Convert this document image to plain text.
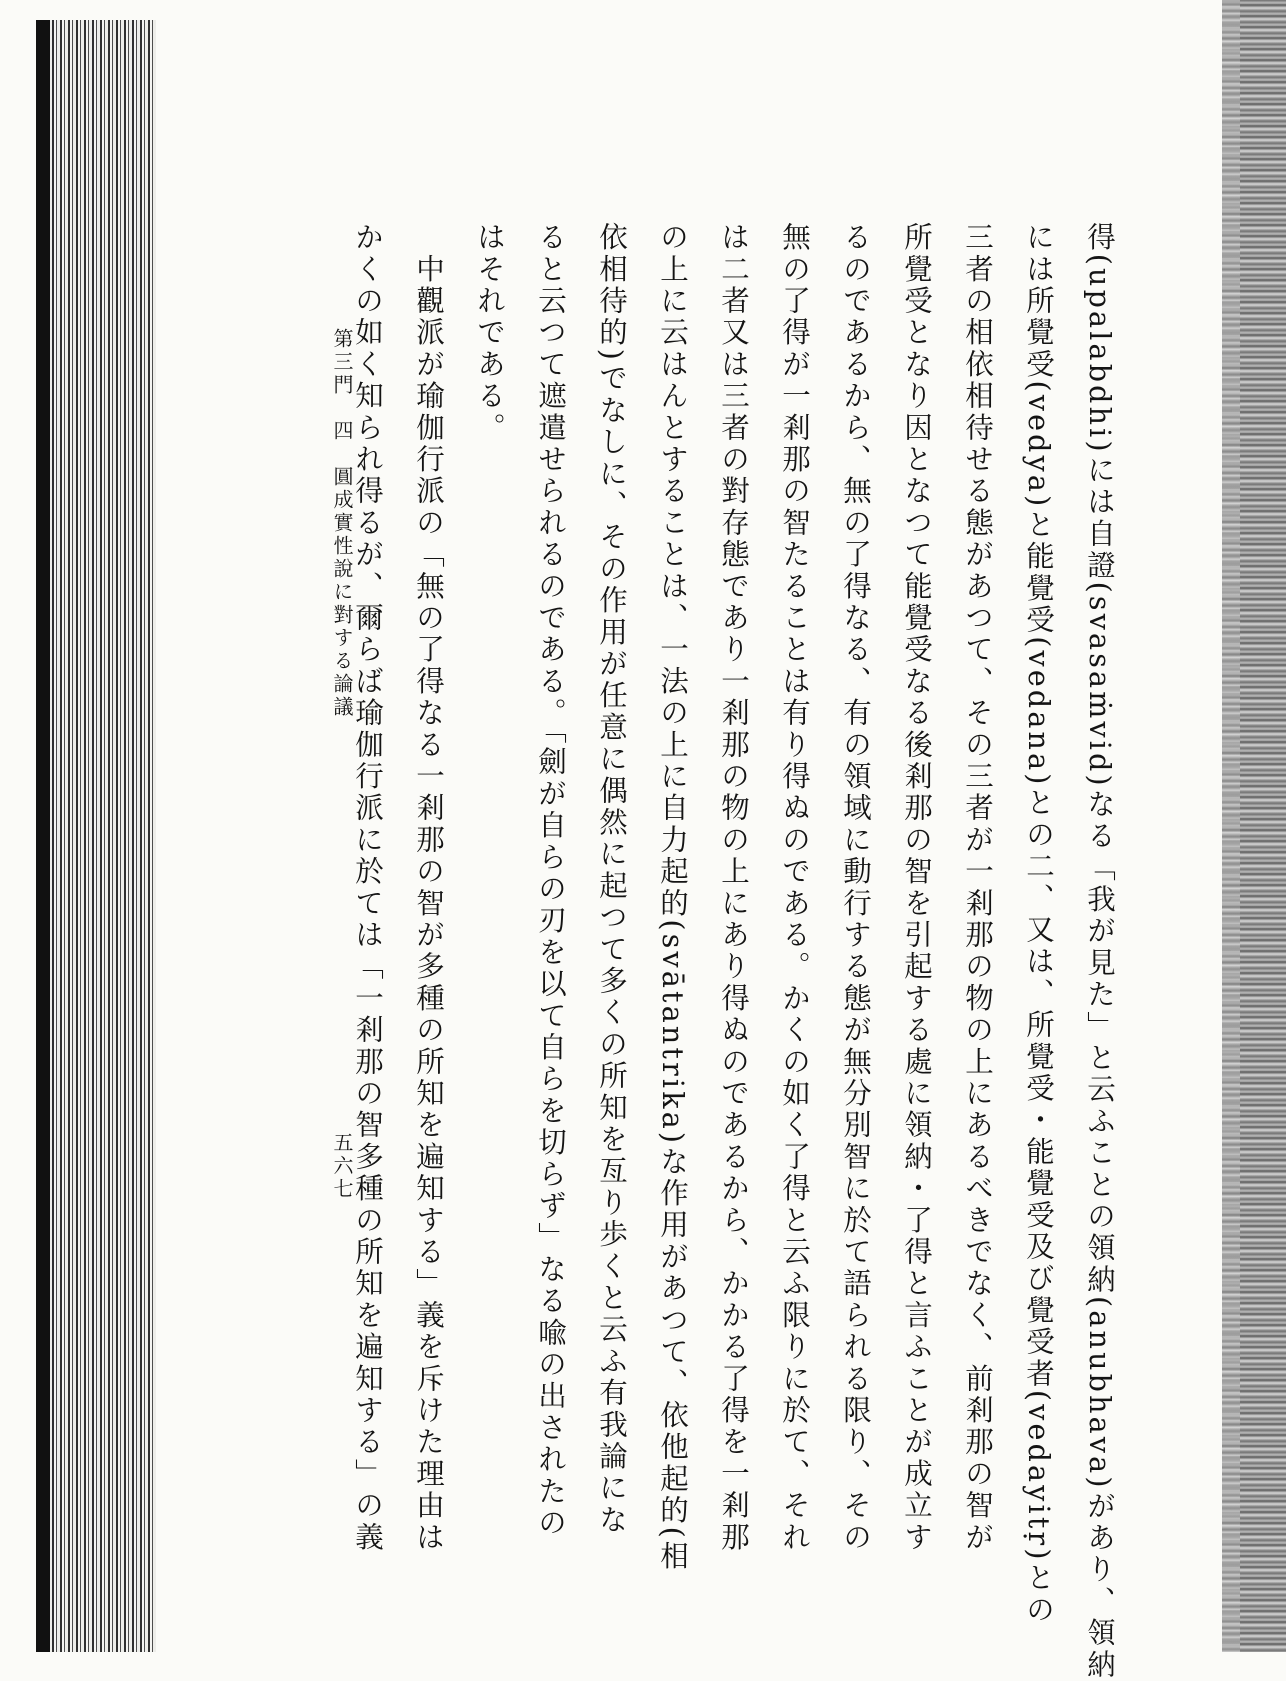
得(upalabdhi)には自證(svasaṁvid)なる「我が見た」と云ふことの領納(anubhava)があり、領納

には所覺受(vedya)と能覺受(vedana)との二、又は、所覺受・能覺受及び覺受者(vedayitṛ)との

三者の相依相待せる態があつて、その三者が一剎那の物の上にあるべきでなく、前剎那の智が

所覺受となり因となつて能覺受なる後剎那の智を引起する處に領納・了得と言ふことが成立す

るのであるから、無の了得なる、有の領域に動行する態が無分別智に於て語られる限り、その

無の了得が一剎那の智たることは有り得ぬのである。かくの如く了得と云ふ限りに於て、それ

は二者又は三者の對存態であり一剎那の物の上にあり得ぬのであるから、かかる了得を一剎那

の上に云はんとすることは、一法の上に自力起的(svātantrika)な作用があつて、依他起的(相

依相待的)でなしに、その作用が任意に偶然に起つて多くの所知を亙り歩くと云ふ有我論にな

ると云つて遮遣せられるのである。「劍が自らの刃を以て自らを切らず」なる喩の出されたの

はそれである。

　中觀派が瑜伽行派の「無の了得なる一剎那の智が多種の所知を遍知する」義を斥けた理由は

かくの如く知られ得るが、爾らば瑜伽行派に於ては「一剎那の智多種の所知を遍知する」の義

第三門　四　圓成實性說に對する論議
五六七
